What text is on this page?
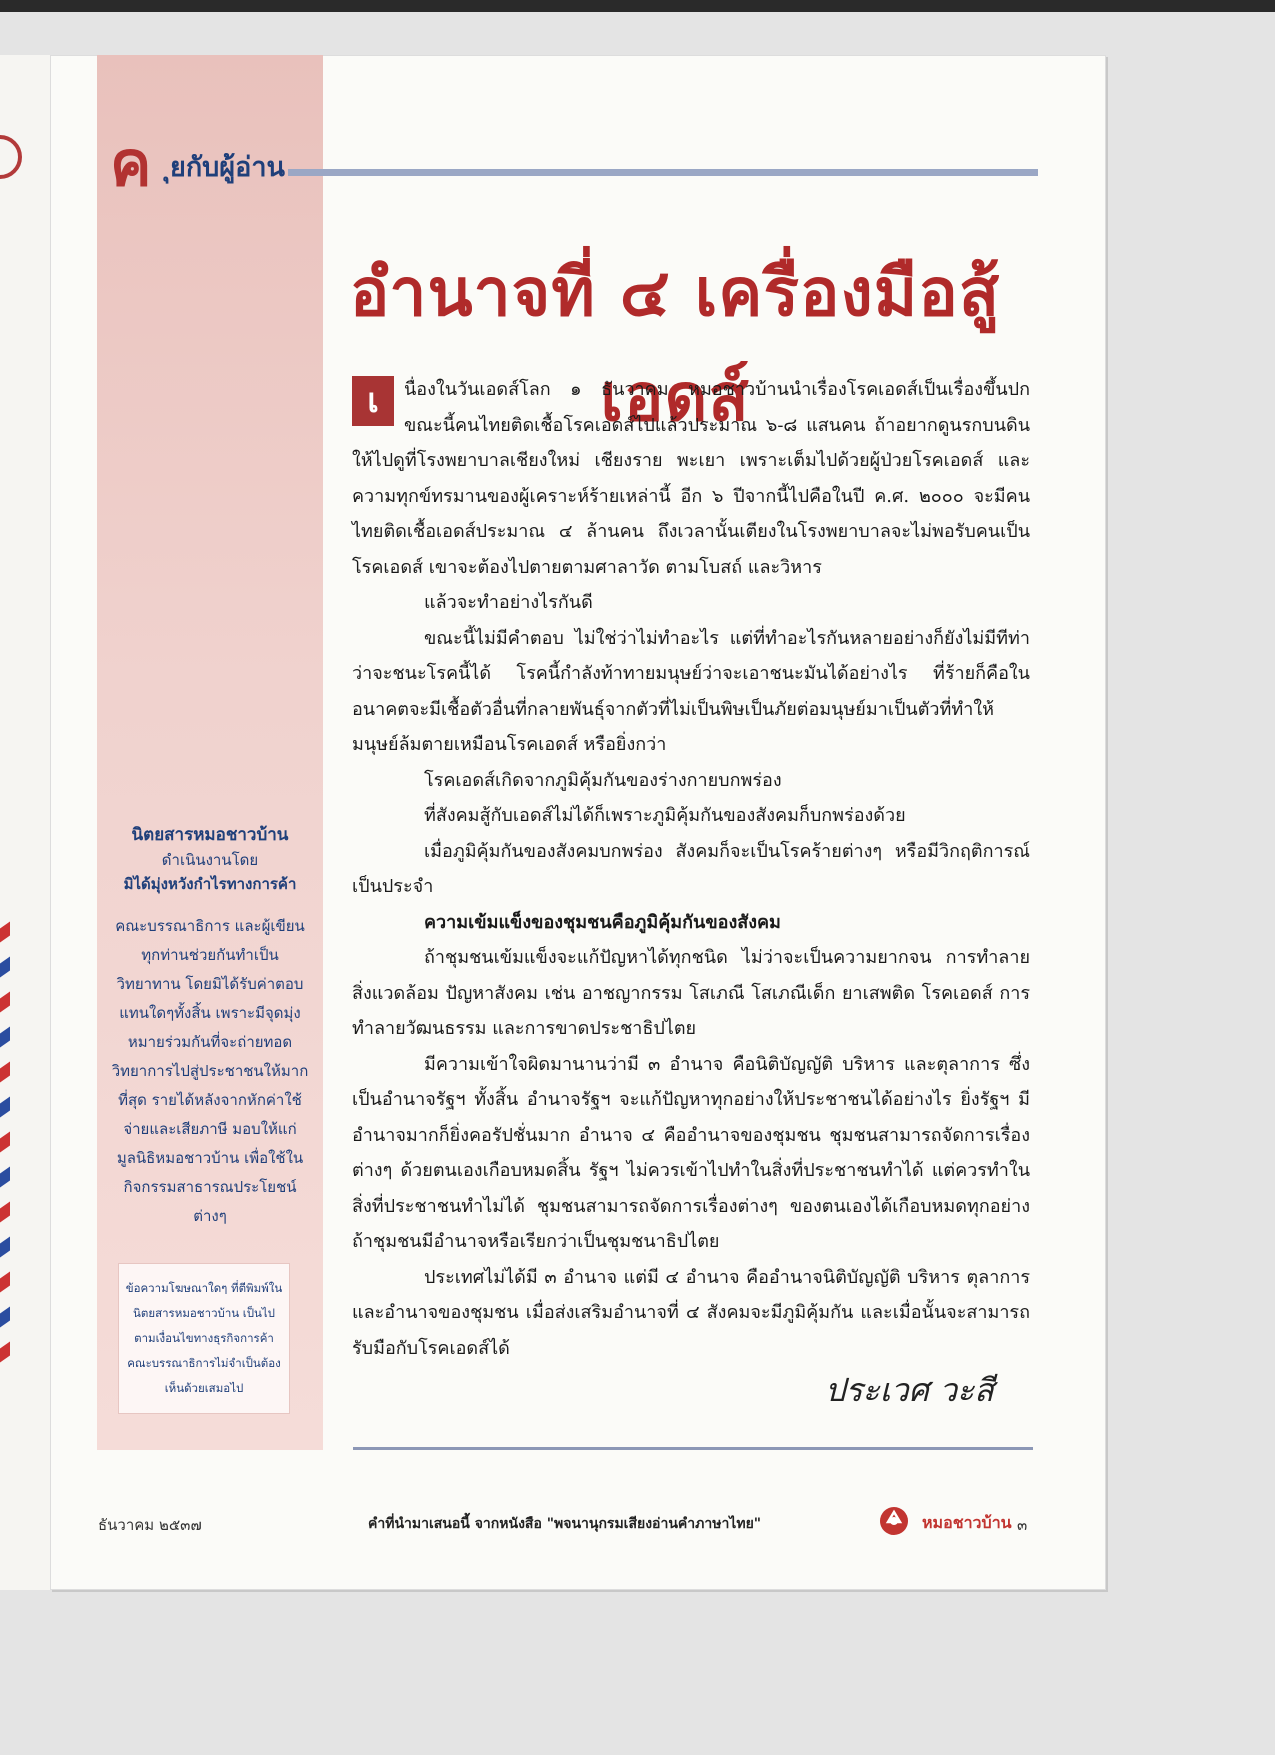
ค ุยกับผู้อ่าน
อำนาจที่ ๔ เครื่องมือสู้เอดส์

เ	นื่องในวันเอดส์โลก ๑ ธันวาคม หมอชาวบ้านนำเรื่องโรคเอดส์เป็นเรื่องขึ้นปก ขณะนี้คนไทยติดเชื้อโรคเอดส์ไปแล้วประมาณ ๖-๘ แสนคน ถ้าอยากดูนรกบนดินให้ไปดูที่โรงพยาบาลเชียงใหม่ เชียงราย พะเยา เพราะเต็มไปด้วยผู้ป่วยโรคเอดส์ และความทุกข์ทรมานของผู้เคราะห์ร้ายเหล่านี้ อีก ๖ ปีจากนี้ไปคือในปี ค.ศ. ๒๐๐๐ จะมีคนไทยติดเชื้อเอดส์ประมาณ ๔ ล้านคน ถึงเวลานั้นเตียงในโรงพยาบาลจะไม่พอรับคนเป็นโรคเอดส์ เขาจะต้องไปตายตามศาลาวัด ตามโบสถ์ และวิหาร

แล้วจะทำอย่างไรกันดี

ขณะนี้ไม่มีคำตอบ ไม่ใช่ว่าไม่ทำอะไร แต่ที่ทำอะไรกันหลายอย่างก็ยังไม่มีทีท่าว่าจะชนะโรคนี้ได้ โรคนี้กำลังท้าทายมนุษย์ว่าจะเอาชนะมันได้อย่างไร ที่ร้ายก็คือในอนาคตจะมีเชื้อตัวอื่นที่กลายพันธุ์จากตัวที่ไม่เป็นพิษเป็นภัยต่อมนุษย์มาเป็นตัวที่ทำให้มนุษย์ล้มตายเหมือนโรคเอดส์ หรือยิ่งกว่า

โรคเอดส์เกิดจากภูมิคุ้มกันของร่างกายบกพร่อง

ที่สังคมสู้กับเอดส์ไม่ได้ก็เพราะภูมิคุ้มกันของสังคมก็บกพร่องด้วย

เมื่อภูมิคุ้มกันของสังคมบกพร่อง สังคมก็จะเป็นโรคร้ายต่างๆ หรือมีวิกฤติการณ์เป็นประจำ

ความเข้มแข็งของชุมชนคือภูมิคุ้มกันของสังคม

ถ้าชุมชนเข้มแข็งจะแก้ปัญหาได้ทุกชนิด ไม่ว่าจะเป็นความยากจน การทำลายสิ่งแวดล้อม ปัญหาสังคม เช่น อาชญากรรม โสเภณี โสเภณีเด็ก ยาเสพติด โรคเอดส์ การทำลายวัฒนธรรม และการขาดประชาธิปไตย

มีความเข้าใจผิดมานานว่ามี ๓ อำนาจ คือนิติบัญญัติ บริหาร และตุลาการ ซึ่งเป็นอำนาจรัฐฯ ทั้งสิ้น อำนาจรัฐฯ จะแก้ปัญหาทุกอย่างให้ประชาชนได้อย่างไร ยิ่งรัฐฯ มีอำนาจมากก็ยิ่งคอรัปชั่นมาก อำนาจ ๔ คืออำนาจของชุมชน ชุมชนสามารถจัดการเรื่องต่างๆ ด้วยตนเองเกือบหมดสิ้น รัฐฯ ไม่ควรเข้าไปทำในสิ่งที่ประชาชนทำได้ แต่ควรทำในสิ่งที่ประชาชนทำไม่ได้ ชุมชนสามารถจัดการเรื่องต่างๆ ของตนเองได้เกือบหมดทุกอย่าง ถ้าชุมชนมีอำนาจหรือเรียกว่าเป็นชุมชนาธิปไตย

ประเทศไม่ได้มี ๓ อำนาจ แต่มี ๔ อำนาจ คืออำนาจนิติบัญญัติ บริหาร ตุลาการ และอำนาจของชุมชน เมื่อส่งเสริมอำนาจที่ ๔ สังคมจะมีภูมิคุ้มกัน และเมื่อนั้นจะสามารถรับมือกับโรคเอดส์ได้

ประเวศ วะสี
นิตยสารหมอชาวบ้าน
ดำเนินงานโดย
มิได้มุ่งหวังกำไรทางการค้า
คณะบรรณาธิการ และผู้เขียนทุกท่านช่วยกันทำเป็นวิทยาทาน โดยมิได้รับค่าตอบแทนใดๆทั้งสิ้น เพราะมีจุดมุ่งหมายร่วมกันที่จะถ่ายทอดวิทยาการไปสู่ประชาชนให้มากที่สุด รายได้หลังจากหักค่าใช้จ่ายและเสียภาษี มอบให้แก่มูลนิธิหมอชาวบ้าน เพื่อใช้ในกิจกรรมสาธารณประโยชน์ต่างๆ
ข้อความโฆษณาใดๆ ที่ตีพิมพ์ในนิตยสารหมอชาวบ้าน เป็นไปตามเงื่อนไขทางธุรกิจการค้า คณะบรรณาธิการไม่จำเป็นต้องเห็นด้วยเสมอไป
ธันวาคม ๒๕๓๗	คำที่นำมาเสนอนี้ จากหนังสือ "พจนานุกรมเสียงอ่านคำภาษาไทย"	หมอชาวบ้าน ๓
